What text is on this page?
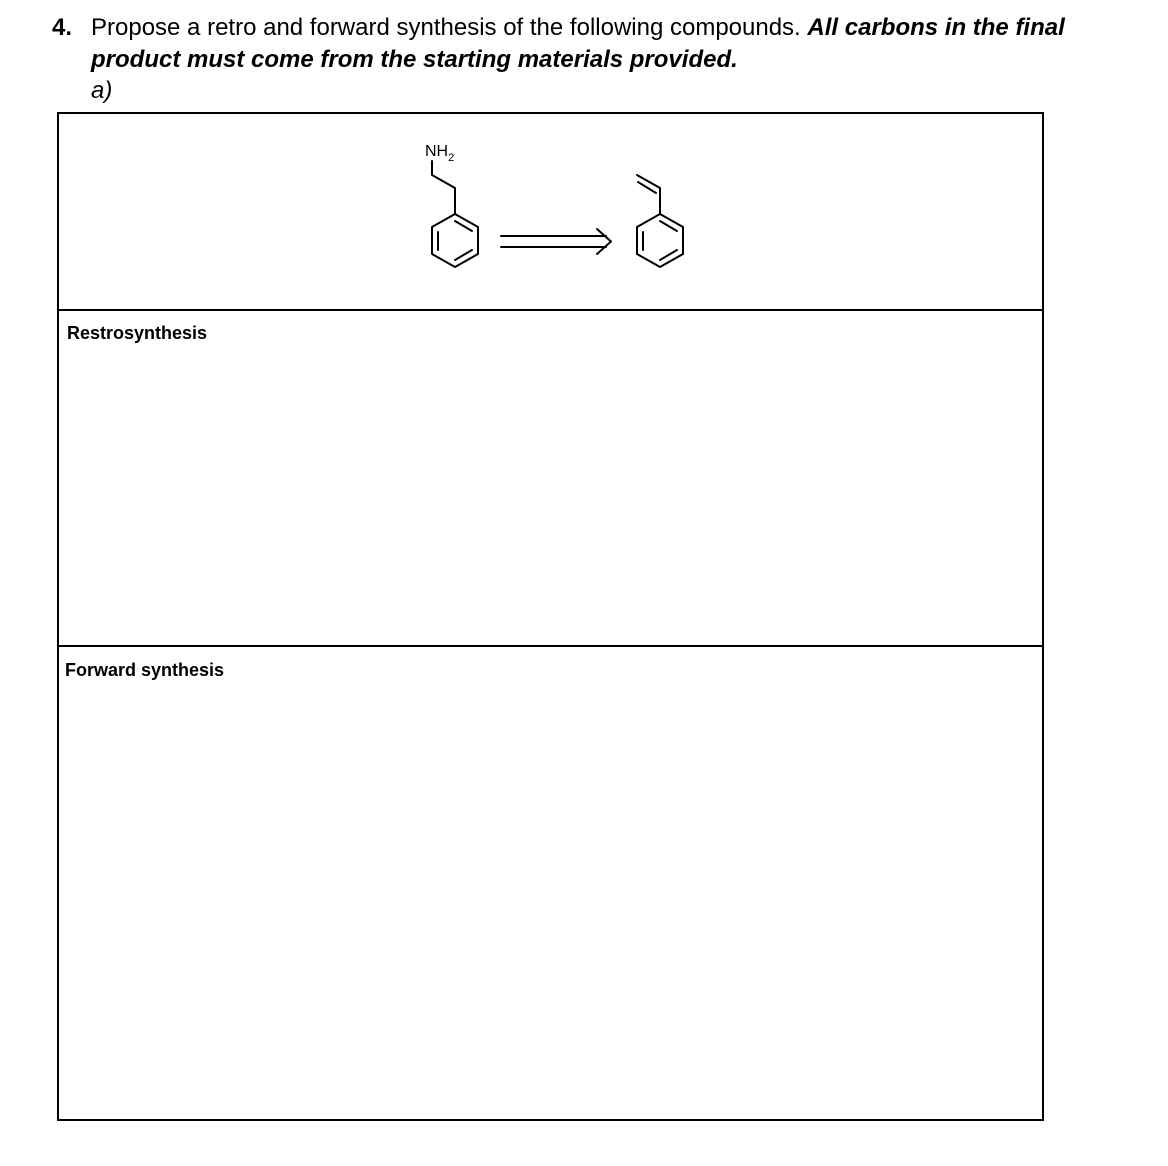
4. Propose a retro and forward synthesis of the following compounds. All carbons in the final
product must come from the starting materials provided.
a)
$NH_2$
Restrosynthesis
Forward synthesis
